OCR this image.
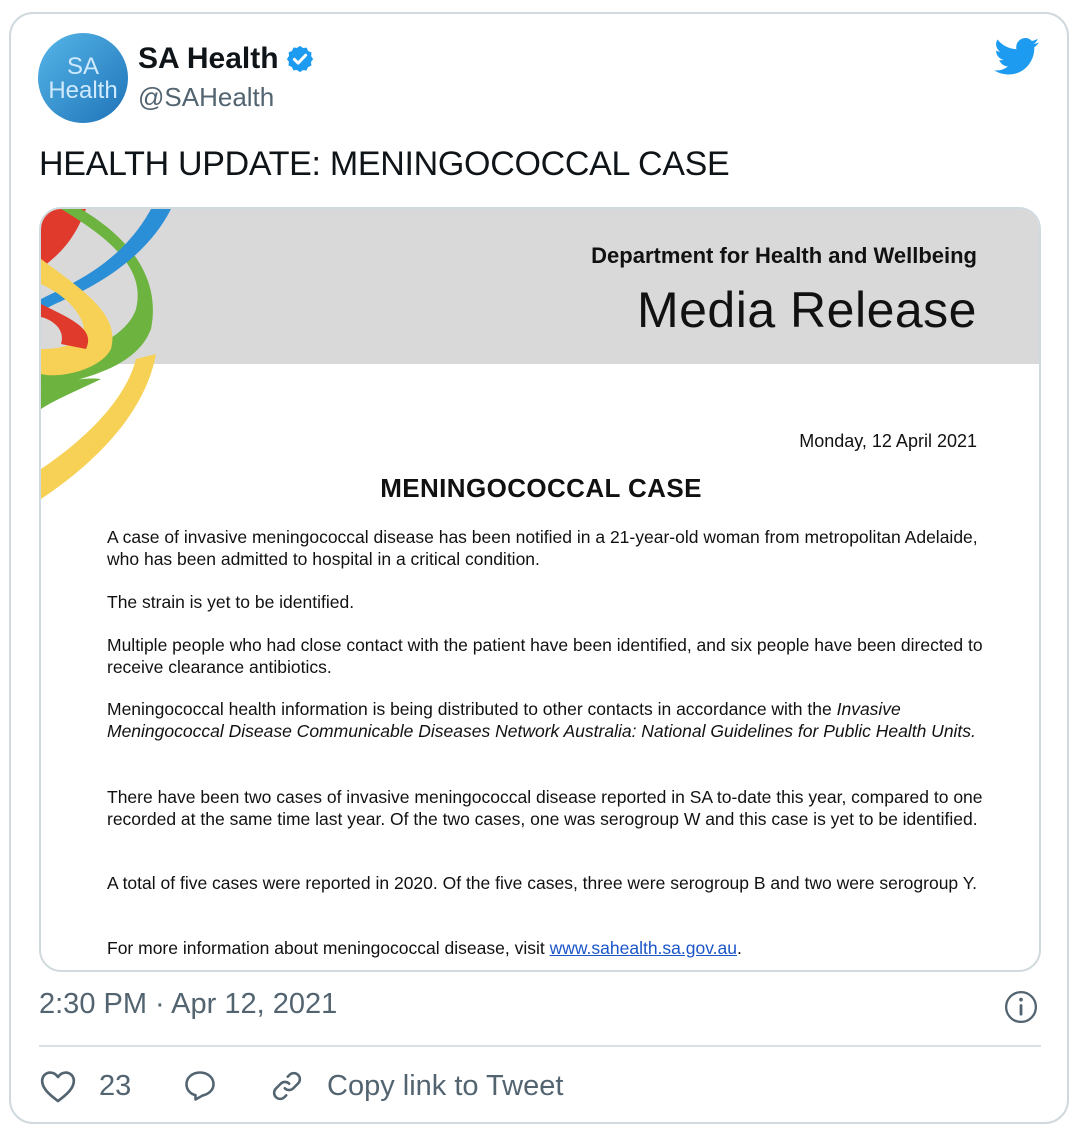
SA
Health
SA Health
@SAHealth
HEALTH UPDATE: MENINGOCOCCAL CASE
Department for Health and Wellbeing
Media Release
Monday, 12 April 2021
MENINGOCOCCAL CASE
A case of invasive meningococcal disease has been notified in a 21-year-old woman from metropolitan Adelaide, who has been admitted to hospital in a critical condition.
The strain is yet to be identified.
Multiple people who had close contact with the patient have been identified, and six people have been directed to receive clearance antibiotics.
Meningococcal health information is being distributed to other contacts in accordance with the Invasive Meningococcal Disease Communicable Diseases Network Australia: National Guidelines for Public Health Units.
There have been two cases of invasive meningococcal disease reported in SA to-date this year, compared to one recorded at the same time last year. Of the two cases, one was serogroup W and this case is yet to be identified.
A total of five cases were reported in 2020. Of the five cases, three were serogroup B and two were serogroup Y.
For more information about meningococcal disease, visit www.sahealth.sa.gov.au.
2:30 PM · Apr 12, 2021
23	Copy link to Tweet
